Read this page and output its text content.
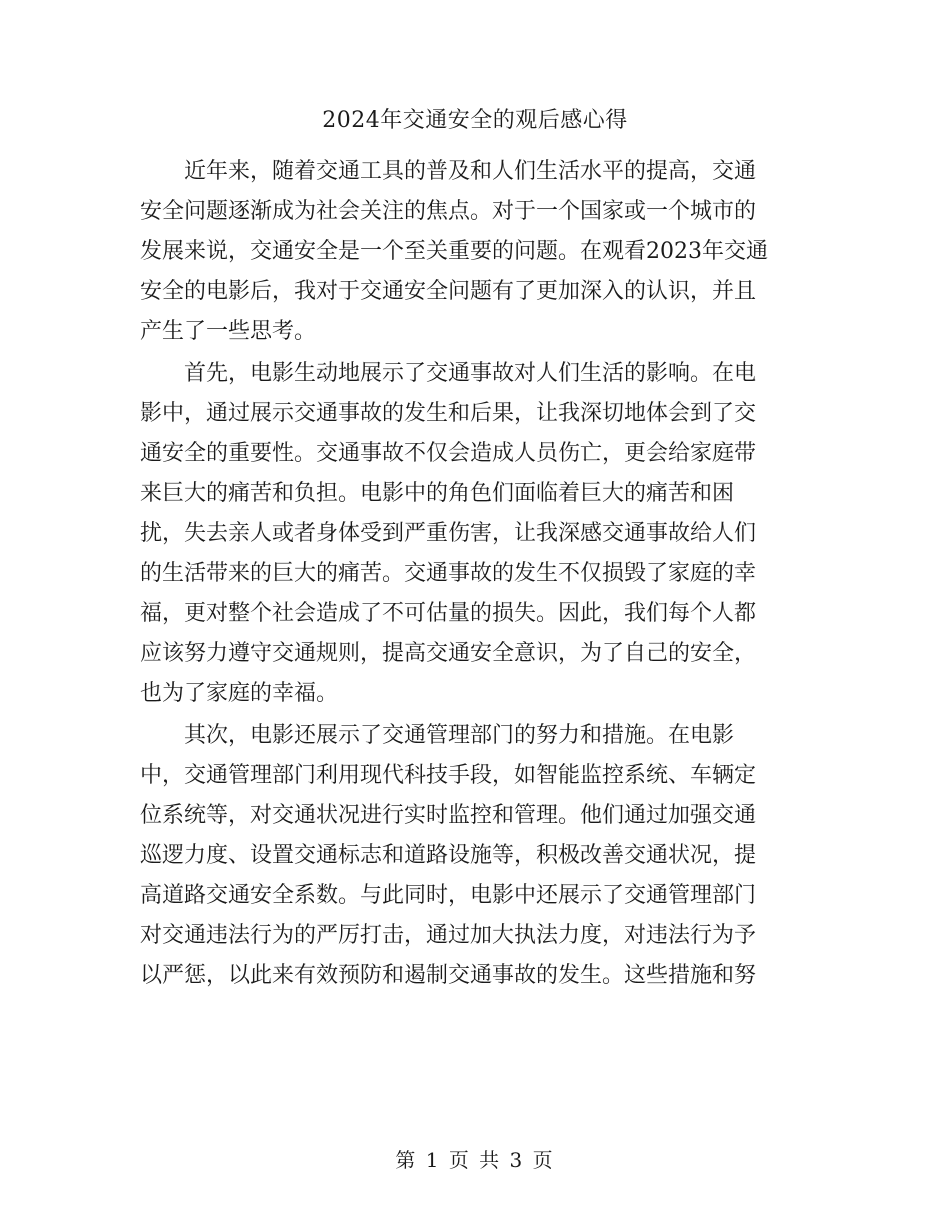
2024年交通安全的观后感心得
近年来，随着交通工具的普及和人们生活水平的提高，交通
安全问题逐渐成为社会关注的焦点。对于一个国家或一个城市的
发展来说，交通安全是一个至关重要的问题。在观看2023年交通
安全的电影后，我对于交通安全问题有了更加深入的认识，并且
产生了一些思考。
首先，电影生动地展示了交通事故对人们生活的影响。在电
影中，通过展示交通事故的发生和后果，让我深切地体会到了交
通安全的重要性。交通事故不仅会造成人员伤亡，更会给家庭带
来巨大的痛苦和负担。电影中的角色们面临着巨大的痛苦和困
扰，失去亲人或者身体受到严重伤害，让我深感交通事故给人们
的生活带来的巨大的痛苦。交通事故的发生不仅损毁了家庭的幸
福，更对整个社会造成了不可估量的损失。因此，我们每个人都
应该努力遵守交通规则，提高交通安全意识，为了自己的安全，
也为了家庭的幸福。
其次，电影还展示了交通管理部门的努力和措施。在电影
中，交通管理部门利用现代科技手段，如智能监控系统、车辆定
位系统等，对交通状况进行实时监控和管理。他们通过加强交通
巡逻力度、设置交通标志和道路设施等，积极改善交通状况，提
高道路交通安全系数。与此同时，电影中还展示了交通管理部门
对交通违法行为的严厉打击，通过加大执法力度，对违法行为予
以严惩，以此来有效预防和遏制交通事故的发生。这些措施和努
第 1 页 共 3 页
